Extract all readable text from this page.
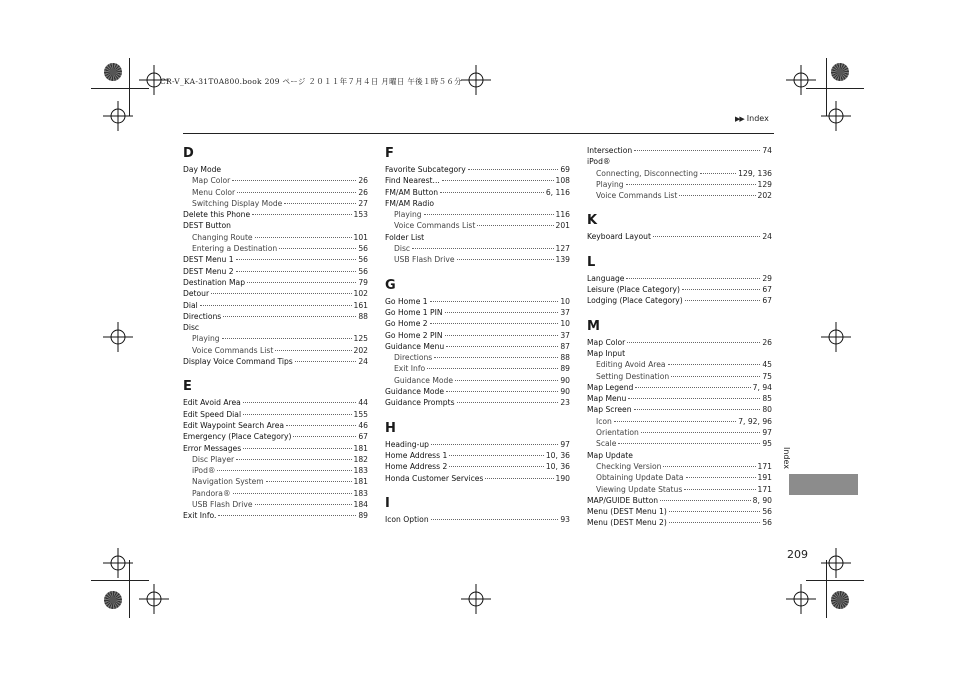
CR-V_KA-31T0A800.book 209 ページ ２０１１年７月４日 月曜日 午後１時５６分
▶▶ Index
D
Day Mode
Map Color	26
Menu Color	26
Switching Display Mode	27
Delete this Phone	153
DEST Button
Changing Route	101
Entering a Destination	56
DEST Menu 1	56
DEST Menu 2	56
Destination Map	79
Detour	102
Dial	161
Directions	88
Disc
Playing	125
Voice Commands List	202
Display Voice Command Tips	24
E
Edit Avoid Area	44
Edit Speed Dial	155
Edit Waypoint Search Area	46
Emergency (Place Category)	67
Error Messages	181
Disc Player	182
iPod®	183
Navigation System	181
Pandora®	183
USB Flash Drive	184
Exit Info.	89
F
Favorite Subcategory	69
Find Nearest...	108
FM/AM Button	6, 116
FM/AM Radio
Playing	116
Voice Commands List	201
Folder List
Disc	127
USB Flash Drive	139
G
Go Home 1	10
Go Home 1 PIN	37
Go Home 2	10
Go Home 2 PIN	37
Guidance Menu	87
Directions	88
Exit Info	89
Guidance Mode	90
Guidance Mode	90
Guidance Prompts	23
H
Heading-up	97
Home Address 1	10, 36
Home Address 2	10, 36
Honda Customer Services	190
I
Icon Option	93
Intersection	74
iPod®
Connecting, Disconnecting	129, 136
Playing	129
Voice Commands List	202
K
Keyboard Layout	24
L
Language	29
Leisure (Place Category)	67
Lodging (Place Category)	67
M
Map Color	26
Map Input
Editing Avoid Area	45
Setting Destination	75
Map Legend	7, 94
Map Menu	85
Map Screen	80
Icon	7, 92, 96
Orientation	97
Scale	95
Map Update
Checking Version	171
Obtaining Update Data	191
Viewing Update Status	171
MAP/GUIDE Button	8, 90
Menu (DEST Menu 1)	56
Menu (DEST Menu 2)	56
Index
209
